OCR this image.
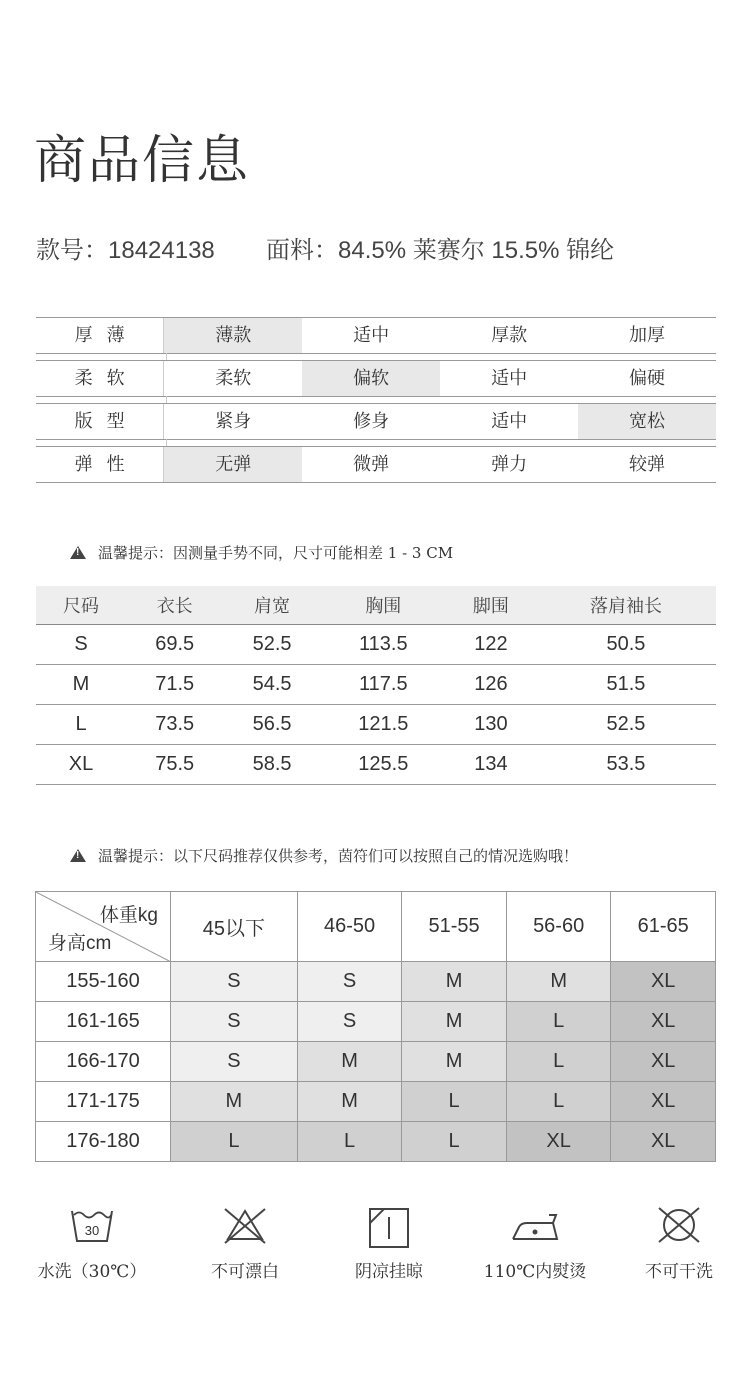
商品信息
款号：18424138 面料：84.5% 莱赛尔 15.5% 锦纶
厚薄	薄款	适中	厚款	加厚
柔软	柔软	偏软	适中	偏硬
版型	紧身	修身	适中	宽松
弹性	无弹	微弹	弹力	较弹
!
温馨提示：因测量手势不同，尺寸可能相差 1 - 3 CM
尺码	衣长	肩宽	胸围	脚围	落肩袖长
S	69.5	52.5	113.5	122	50.5
M	71.5	54.5	117.5	126	51.5
L	73.5	56.5	121.5	130	52.5
XL	75.5	58.5	125.5	134	53.5
!
温馨提示：以下尺码推荐仅供参考，茵符们可以按照自己的情况选购哦！
体重kg
身高cm	45以下	46-50	51-55	56-60	61-65
155-160	S	S	M	M	XL
161-165	S	S	M	L	XL
166-170	S	M	M	L	XL
171-175	M	M	L	L	XL
176-180	L	L	L	XL	XL
30
水洗（30℃）	不可漂白	阴凉挂晾	110℃内熨烫	不可干洗
